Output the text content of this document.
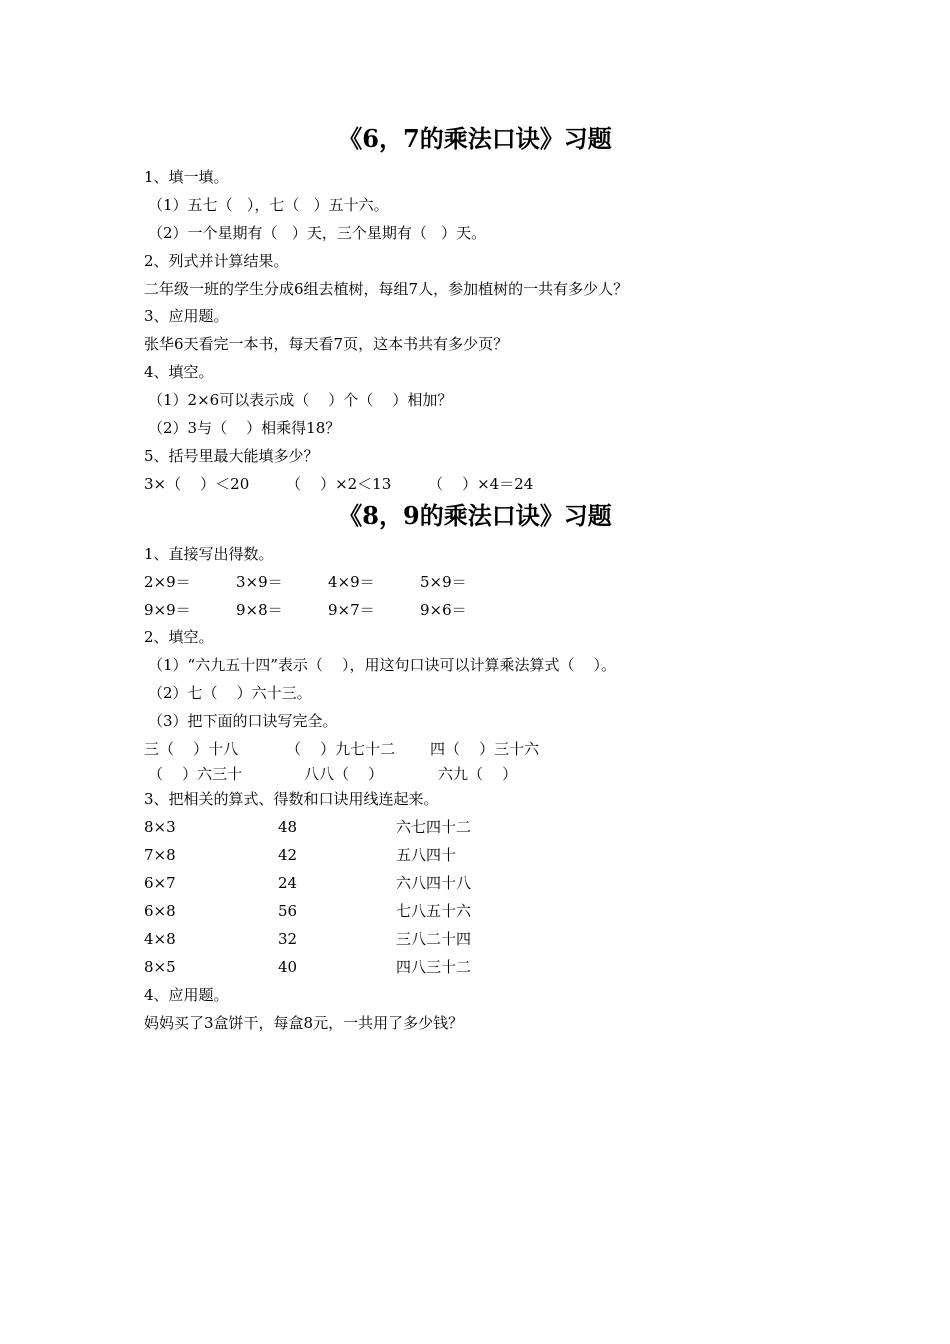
《6，7的乘法口诀》习题
1、填一填。
（1）五七（   ），七（   ）五十六。
（2）一个星期有（   ）天，三个星期有（   ）天。
2、列式并计算结果。
二年级一班的学生分成6组去植树，每组7人，参加植树的一共有多少人？
3、应用题。
张华6天看完一本书，每天看7页，这本书共有多少页？
4、填空。
（1）2×6可以表示成（    ）个（    ）相加？
（2）3与（    ）相乘得18？
5、括号里最大能填多少？
3×（    ）＜20 （    ）×2＜13 （    ）×4＝24
《8，9的乘法口诀》习题
1、直接写出得数。
2×9＝	3×9＝	4×9＝	5×9＝
9×9＝	9×8＝	9×7＝	9×6＝
2、填空。
（1）“六九五十四”表示（    ），用这句口诀可以计算乘法算式（    ）。
（2）七（    ）六十三。
（3）把下面的口诀写完全。
三（    ）十八	（    ）九七十二 四（    ）三十六
（    ）六三十	八八（    ）	六九（    ）
3、把相关的算式、得数和口诀用线连起来。
8×3	48	六七四十二
7×8	42	五八四十
6×7	24	六八四十八
6×8	56	七八五十六
4×8	32	三八二十四
8×5	40	四八三十二
4、应用题。
妈妈买了3盒饼干，每盒8元，一共用了多少钱？
